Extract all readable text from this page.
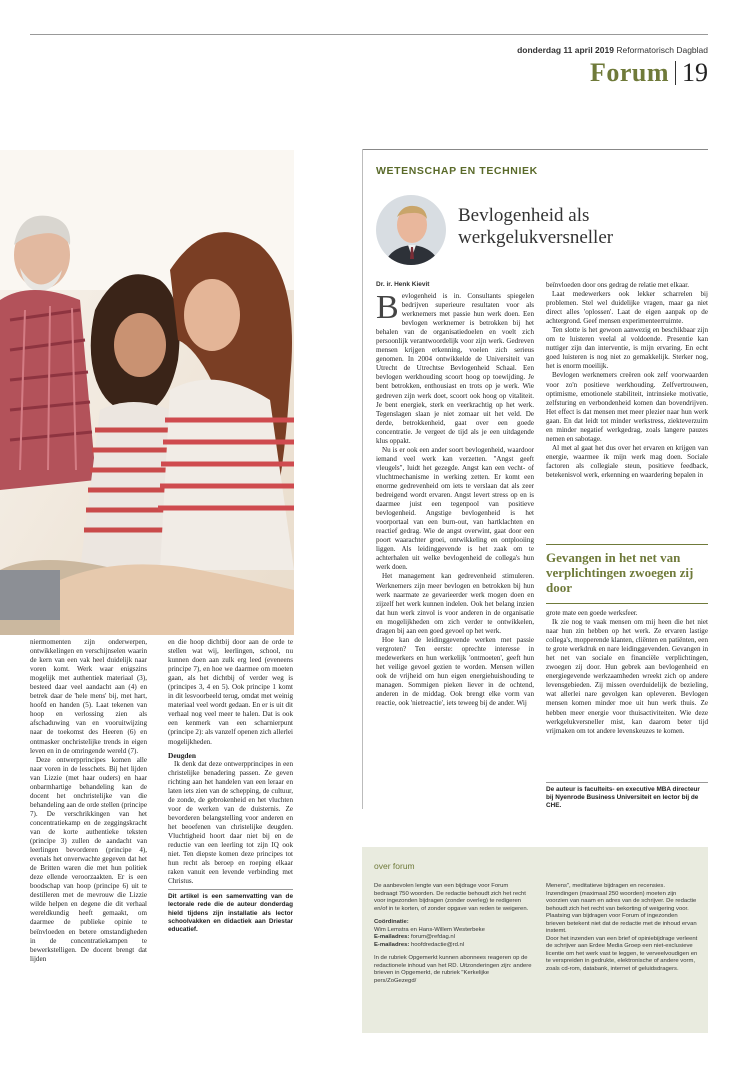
donderdag 11 april 2019 Reformatorisch Dagblad
Forum 19

niermomenten zijn onderwerpen, ontwikkelingen en verschijnselen waarin de kern van een vak heel duidelijk naar voren komt. Werk waar enigszins mogelijk met authentiek materiaal (3), besteed daar veel aandacht aan (4) en betrek daar de 'hele mens' bij, met hart, hoofd en handen (5). Laat tekenen van hoop en verlossing zien als afschaduwing van en vooruitwijzing naar de toekomst des Heeren (6) en ontmasker onchristelijke trends in eigen leven en in de omringende wereld (7).

Deze ontwerpprincipes komen alle naar voren in de lesschets. Bij het lijden van Lizzie (met haar ouders) en haar onbarmhartige behandeling kan de docent het onchristelijke van die behandeling aan de orde stellen (principe 7). De verschrikkingen van het concentratiekamp en de zeggingskracht van de korte authentieke teksten (principe 3) zullen de aandacht van leerlingen bevorderen (principe 4), evenals het onverwachte gegeven dat het de Britten waren die met hun politiek deze ellende veroorzaakten. Er is een boodschap van hoop (principe 6) uit te destilleren met de mevrouw die Lizzie wilde helpen en degene die dit verhaal wereldkundig heeft gemaakt, om daarmee de publieke opinie te beïnvloeden en betere omstandigheden in de concentratiekampen te bewerkstelligen. De docent brengt dat lijden

en die hoop dichtbij door aan de orde te stellen wat wij, leerlingen, school, nu kunnen doen aan zulk erg leed (eveneens principe 7), en hoe we daarmee om moeten gaan, als het dichtbij of verder weg is (principes 3, 4 en 5). Ook principe 1 komt in dit lesvoorbeeld terug, omdat met weinig materiaal veel wordt gedaan. En er is uit dit verhaal nog veel meer te halen. Dat is ook een kenmerk van een scharnierpunt (principe 2): als vanzelf openen zich allerlei mogelijkheden.

Deugden

Ik denk dat deze ontwerpprincipes in een christelijke benadering passen. Ze geven richting aan het handelen van een leraar en laten iets zien van de schepping, de cultuur, de zonde, de gebrokenheid en het vluchten voor de werken van de duisternis. Ze bevorderen belangstelling voor anderen en het beoefenen van christelijke deugden. Vluchtigheid hoort daar niet bij en de reductie van een leerling tot zijn IQ ook niet. Ten diepste komen deze principes tot hun recht als beroep en roeping elkaar raken vanuit een levende verbinding met Christus.

Dit artikel is een samenvatting van de lectorale rede die de auteur donderdag hield tijdens zijn installatie als lector schoolvakken en didactiek aan Driestar educatief.
WETENSCHAP EN TECHNIEK
Bevlogenheid als
werkgelukversneller
Dr. ir. Henk Kievit

Bevlogenheid is in. Consultants spiegelen bedrijven superieure resultaten voor als werknemers met passie hun werk doen. Een bevlogen werknemer is betrokken bij het behalen van de organisatiedoelen en voelt zich persoonlijk verantwoordelijk voor zijn werk. Gedreven mensen krijgen erkenning, voelen zich serieus genomen. In 2004 ontwikkelde de Universiteit van Utrecht de Utrechtse Bevlogenheid Schaal. Een bevlogen werkhouding scoort hoog op toewijding. Je bent betrokken, enthousiast en trots op je werk. Wie gedreven zijn werk doet, scoort ook hoog op vitaliteit. Je bent energiek, sterk en veerkrachtig op het werk. Tegenslagen slaan je niet zomaar uit het veld. De derde, betrokkenheid, gaat over een goede concentratie. Je vergeet de tijd als je een uitdagende klus oppakt.

Nu is er ook een ander soort bevlogenheid, waardoor iemand veel werk kan verzetten. "Angst geeft vleugels", luidt het gezegde. Angst kan een vecht- of vluchtmechanisme in werking zetten. Er komt een enorme gedrevenheid om iets te verslaan dat als zeer bedreigend wordt ervaren. Angst levert stress op en is daarmee juist een tegenpool van positieve bevlogenheid. Angstige bevlogenheid is het voorportaal van een burn-out, van hartklachten en reactief gedrag. Wie de angst overwint, gaat door een poort waarachter groei, ontwikkeling en ontplooiing liggen. Als leidinggevende is het zaak om te achterhalen uit welke bevlogenheid de collega's hun werk doen.

Het management kan gedrevenheid stimuleren. Werknemers zijn meer bevlogen en betrokken bij hun werk naarmate ze gevarieerder werk mogen doen en zijzelf het werk kunnen indelen. Ook het belang inzien dat hun werk zinvol is voor anderen in de organisatie en mogelijkheden om zich verder te ontwikkelen, dragen bij aan een goed gevoel op het werk.

Hoe kan de leidinggevende werken met passie vergroten? Ten eerste: oprechte interesse in medewerkers en hun werkelijk 'ontmoeten', geeft hun het veilige gevoel gezien te worden. Mensen willen ook de vrijheid om hun eigen energiehuishouding te managen. Sommigen pieken liever in de ochtend, anderen in de middag. Ook brengt elke vorm van reactie, ook 'nietreactie', iets teweeg bij de ander. Wij

beïnvloeden door ons gedrag de relatie met elkaar.

Laat medewerkers ook lekker scharrelen bij problemen. Stel wel duidelijke vragen, maar ga niet direct alles 'oplossen'. Laat de eigen aanpak op de achtergrond. Geef mensen experimenteerruimte.

Ten slotte is het gewoon aanwezig en beschikbaar zijn om te luisteren veelal al voldoende. Presentie kan nuttiger zijn dan interventie, is mijn ervaring. En echt goed luisteren is nog niet zo gemakkelijk. Sterker nog, het is enorm moeilijk.

Bevlogen werknemers creëren ook zelf voorwaarden voor zo'n positieve werkhouding. Zelfvertrouwen, optimisme, emotionele stabiliteit, intrinsieke motivatie, zelfsturing en verbondenheid komen dan bovendrijven. Het effect is dat mensen met meer plezier naar hun werk gaan. En dat leidt tot minder werkstress, ziekteverzuim en minder negatief werkgedrag, zoals langere pauzes nemen en sabotage.

Al met al gaat het dus over het ervaren en krijgen van energie, waarmee ik mijn werk mag doen. Sociale factoren als collegiale steun, positieve feedback, betekenisvol werk, erkenning en waardering bepalen in

Gevangen in het net van verplichtingen zwoegen zij door

grote mate een goede werksfeer.

Ik zie nog te vaak mensen om mij heen die het niet naar hun zin hebben op het werk. Ze ervaren lastige collega's, mopperende klanten, cliënten en patiënten, een te grote werkdruk en nare leidinggevenden. Gevangen in het net van sociale en financiële verplichtingen, zwoegen zij door. Hun gebrek aan bevlogenheid en energiegevende werkzaamheden wreekt zich op andere levensgebieden. Zij missen overduidelijk de bezieling, wat allerlei nare gevolgen kan opleveren. Bevlogen mensen komen minder moe uit hun werk thuis. Ze hebben meer energie voor thuisactiviteiten. Wie deze werkgelukversneller mist, kan daarom beter tijd vrijmaken om tot andere levenskeuzes te komen.

De auteur is faculteits- en executive MBA directeur bij Nyenrode Business Universiteit en lector bij de CHE.
over forum

De aanbevolen lengte van een bijdrage voor Forum bedraagt 750 woorden. De redactie behoudt zich het recht voor ingezonden bijdragen (zonder overleg) te redigeren en/of in te korten, of zonder opgave van reden te weigeren.

Coördinatie:

Wim Lemstra en Hans-Willem Westerbeke

E-mailadres: forum@refdag.nl

E-mailadres: hoofdredactie@rd.nl

In de rubriek Opgemerkt kunnen abonnees reageren op de redactionele inhoud van het RD. Uitzonderingen zijn: andere brieven in Opgemerkt, de rubriek "Kerkelijke pers/ZoGezegd/

Menens", meditatieve bijdragen en recensies. Inzendingen (maximaal 250 woorden) moeten zijn voorzien van naam en adres van de schrijver. De redactie behoudt zich het recht van bekorting of weigering voor.

Plaatsing van bijdragen voor Forum of ingezonden brieven betekent niet dat de redactie met de inhoud ervan instemt.

Door het inzenden van een brief of opiniebijdrage verleent de schrijver aan Erdee Media Groep een niet-exclusieve licentie om het werk vast te leggen, te verveelvoudigen en te verspreiden in gedrukte, elektronische of andere vorm, zoals cd-rom, databank, internet of geluidsdragers.
